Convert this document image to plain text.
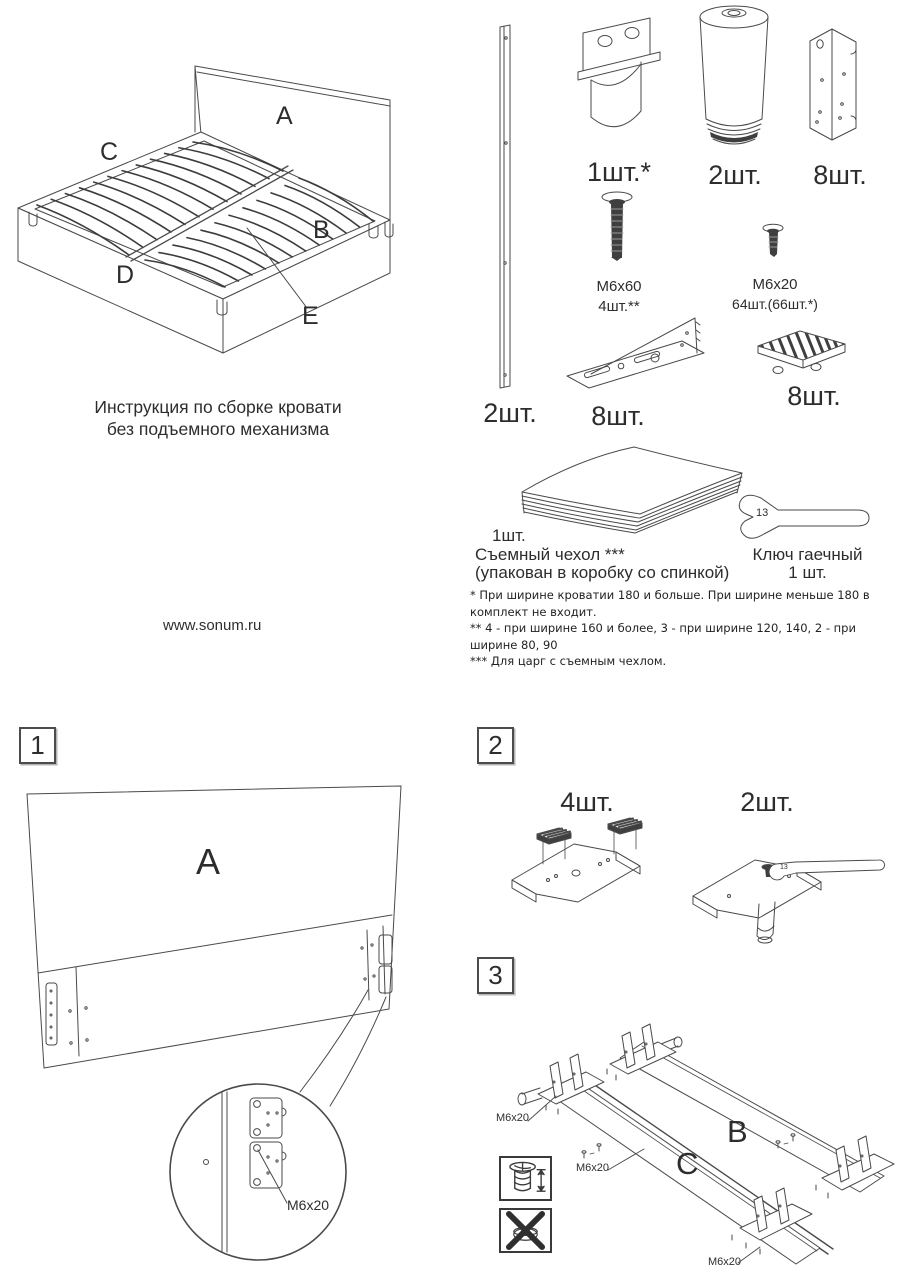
A
C
B
D
E
Инструкция по сборке кровати
без подъемного механизма
www.sonum.ru
1шт.*	2шт.	8шт.
M6x60
4шт.**
M6x20
64шт.(66шт.*)
2шт.	8шт.
8шт.
1шт.
Съемный чехол ***
(упакован в коробку со спинкой)
13
Ключ гаечный
1 шт.
* При ширине кроватии 180 и больше. При ширине меньше 180 в комплект не входит.
** 4 - при ширине 160 и более, 3 - при ширине 120, 140, 2 - при ширине 80, 90
*** Для царг с съемным чехлом.
1
A
M6x20
2
4шт.	2шт.
13
3
M6x20
M6x20
M6x20
B
C
